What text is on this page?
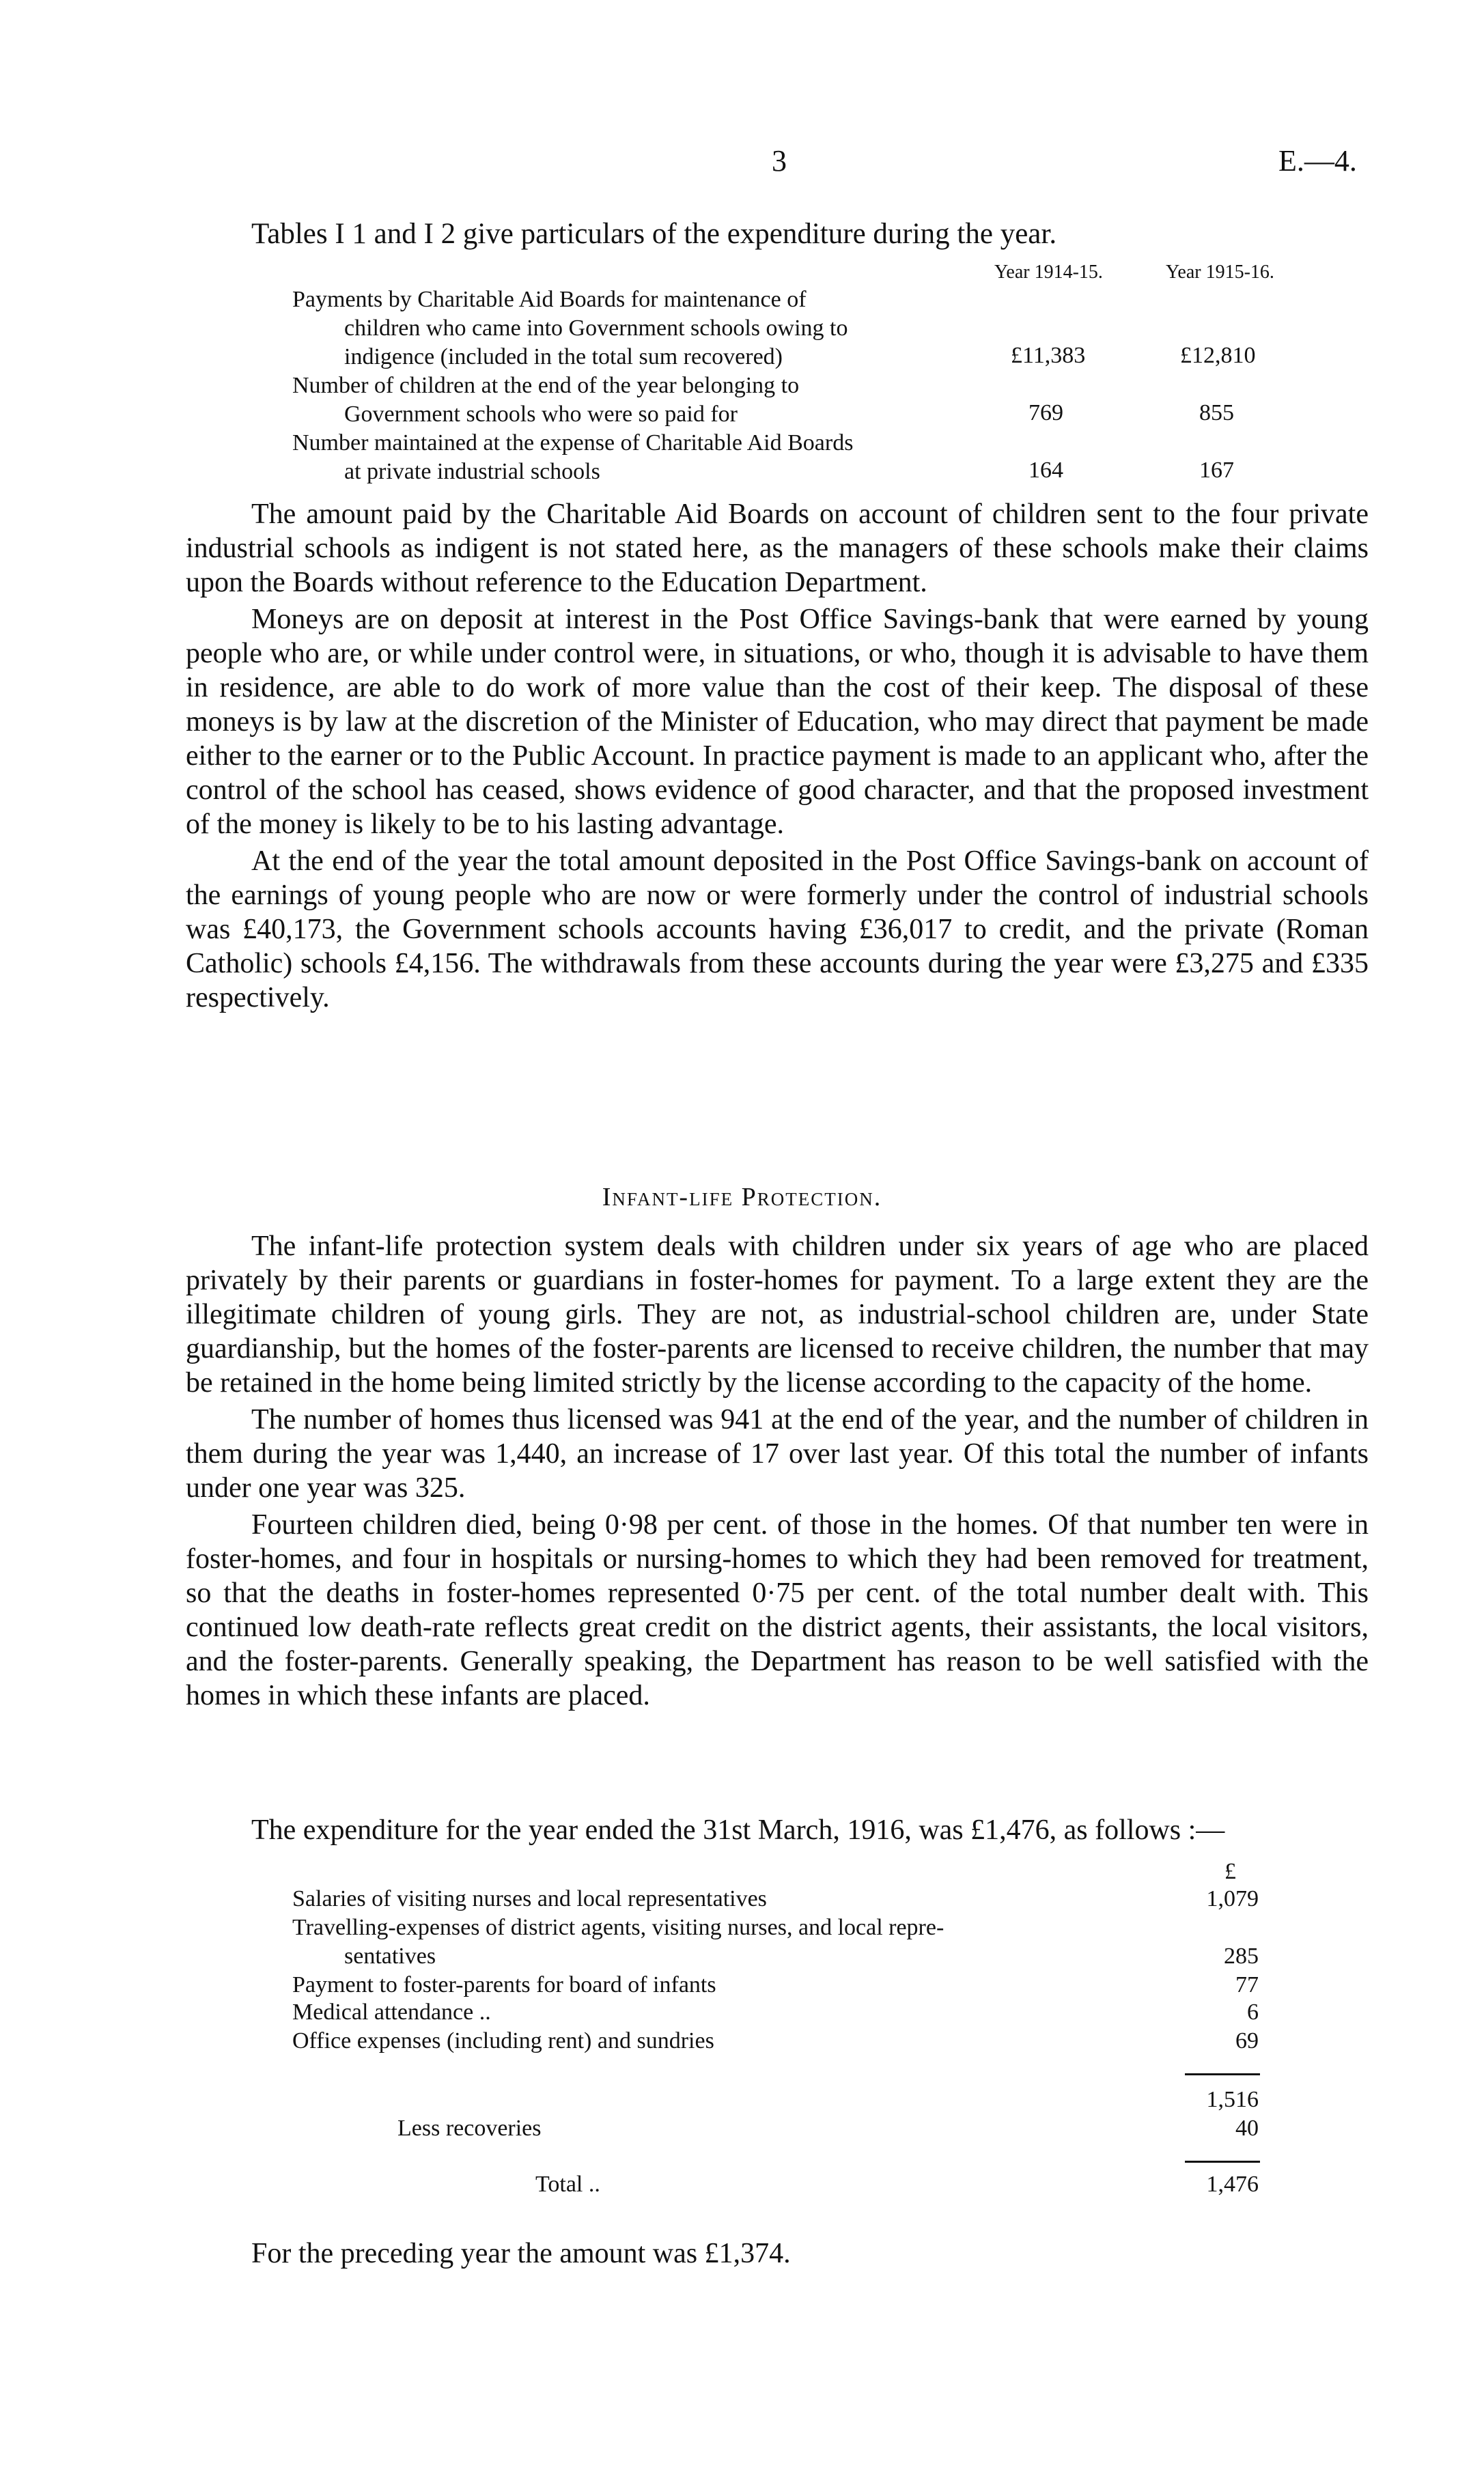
3	E.—4.
Tables I 1 and I 2 give particulars of the expenditure during the year.
Year 1914-15.	Year 1915-16.
Payments by Charitable Aid Boards for maintenance of
children who came into Government schools owing to
indigence (included in the total sum recovered)	£11,383	£12,810
Number of children at the end of the year belonging to
Government schools who were so paid for	769	855
Number maintained at the expense of Charitable Aid Boards
at private industrial schools	164	167

The amount paid by the Charitable Aid Boards on account of children sent to the four private industrial schools as indigent is not stated here, as the managers of these schools make their claims upon the Boards without reference to the Education Department.

Moneys are on deposit at interest in the Post Office Savings-bank that were earned by young people who are, or while under control were, in situations, or who, though it is advisable to have them in residence, are able to do work of more value than the cost of their keep. The disposal of these moneys is by law at the discretion of the Minister of Education, who may direct that payment be made either to the earner or to the Public Account. In practice payment is made to an applicant who, after the control of the school has ceased, shows evidence of good character, and that the proposed investment of the money is likely to be to his lasting advantage.

At the end of the year the total amount deposited in the Post Office Savings-bank on account of the earnings of young people who are now or were formerly under the control of industrial schools was £40,173, the Government schools accounts having £36,017 to credit, and the private (Roman Catholic) schools £4,156. The withdrawals from these accounts during the year were £3,275 and £335 respectively.

Infant-life Protection.

The infant-life protection system deals with children under six years of age who are placed privately by their parents or guardians in foster-homes for payment. To a large extent they are the illegitimate children of young girls. They are not, as industrial-school children are, under State guardianship, but the homes of the foster-parents are licensed to receive children, the number that may be retained in the home being limited strictly by the license according to the capacity of the home.

The number of homes thus licensed was 941 at the end of the year, and the number of children in them during the year was 1,440, an increase of 17 over last year. Of this total the number of infants under one year was 325.

Fourteen children died, being 0·98 per cent. of those in the homes. Of that number ten were in foster-homes, and four in hospitals or nursing-homes to which they had been removed for treatment, so that the deaths in foster-homes represented 0·75 per cent. of the total number dealt with. This continued low death-rate reflects great credit on the district agents, their assistants, the local visitors, and the foster-parents. Generally speaking, the Department has reason to be well satisfied with the homes in which these infants are placed.

The expenditure for the year ended the 31st March, 1916, was £1,476, as follows :—
£
Salaries of visiting nurses and local representatives	1,079
Travelling-expenses of district agents, visiting nurses, and local repre-
sentatives	285
Payment to foster-parents for board of infants	77
Medical attendance ..	6
Office expenses (including rent) and sundries	69
1,516
Less recoveries	40
Total ..	1,476
For the preceding year the amount was £1,374.
